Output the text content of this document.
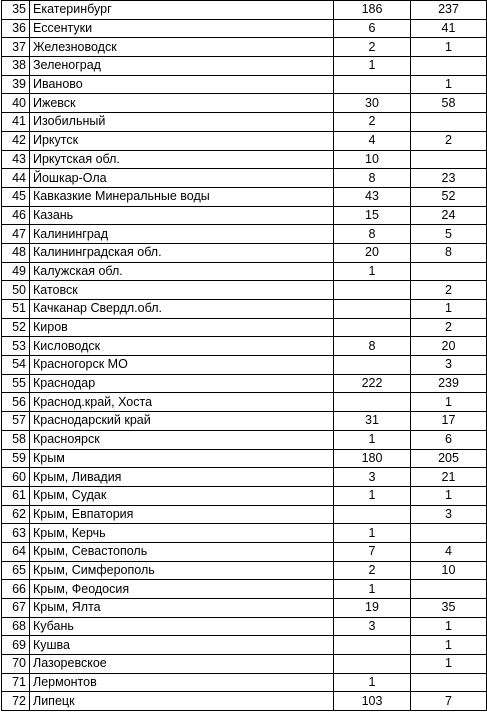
35	Екатеринбург	186	237
36	Ессентуки	6	41
37	Железноводск	2	1
38	Зеленоград	1	
39	Иваново		1
40	Ижевск	30	58
41	Изобильный	2	
42	Иркутск	4	2
43	Иркутская обл.	10	
44	Йошкар-Ола	8	23
45	Кавказкие Минеральные воды	43	52
46	Казань	15	24
47	Калининград	8	5
48	Калининградская обл.	20	8
49	Калужская обл.	1	
50	Катовск		2
51	Качканар Свердл.обл.		1
52	Киров		2
53	Кисловодск	8	20
54	Красногорск МО		3
55	Краснодар	222	239
56	Краснод.край, Хоста		1
57	Краснодарский край	31	17
58	Красноярск	1	6
59	Крым	180	205
60	Крым, Ливадия	3	21
61	Крым, Судак	1	1
62	Крым, Евпатория		3
63	Крым, Керчь	1	
64	Крым, Севастополь	7	4
65	Крым, Симферополь	2	10
66	Крым, Феодосия	1	
67	Крым, Ялта	19	35
68	Кубань	3	1
69	Кушва		1
70	Лазоревское		1
71	Лермонтов	1	
72	Липецк	103	7
